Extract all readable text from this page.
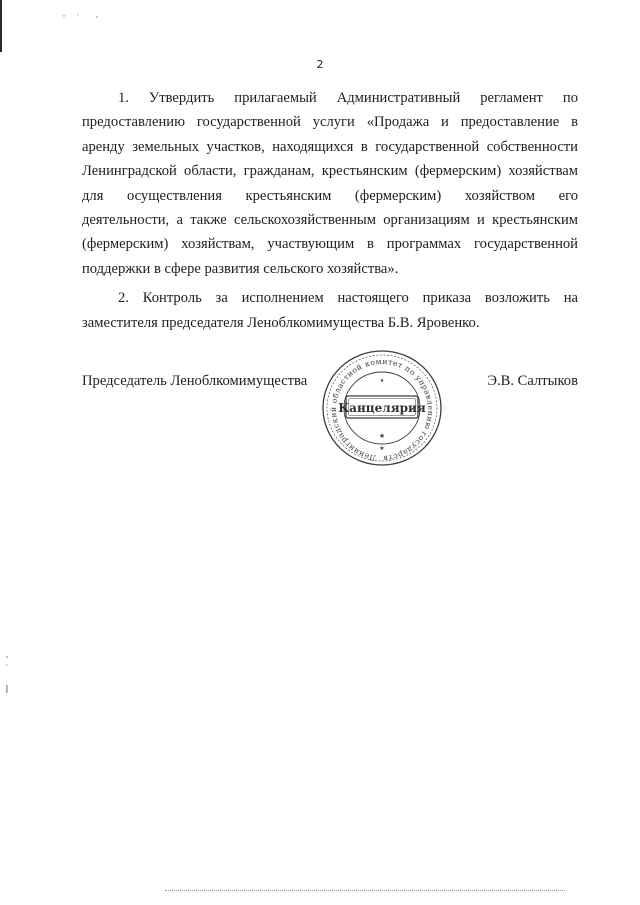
2

1. Утвердить прилагаемый Административный регламент по
предоставлению государственной услуги «Продажа и предоставление в
аренду земельных участков, находящихся в государственной собственности
Ленинградской области, гражданам, крестьянским (фермерским) хозяйствам
для осуществления крестьянским (фермерским) хозяйством его
деятельности, а также сельскохозяйственным организациям и крестьянским
(фермерским) хозяйствам, участвующим в программах государственной
поддержки в сфере развития сельского хозяйства».

2. Контроль за исполнением настоящего приказа возложить на
заместителя председателя Леноблкомимущества Б.В. Яровенко.

Председатель Леноблкомимущества	Э.В. Салтыков
Ленинградский областной комитет по управлению государств
Канцелярия
★
★
★
